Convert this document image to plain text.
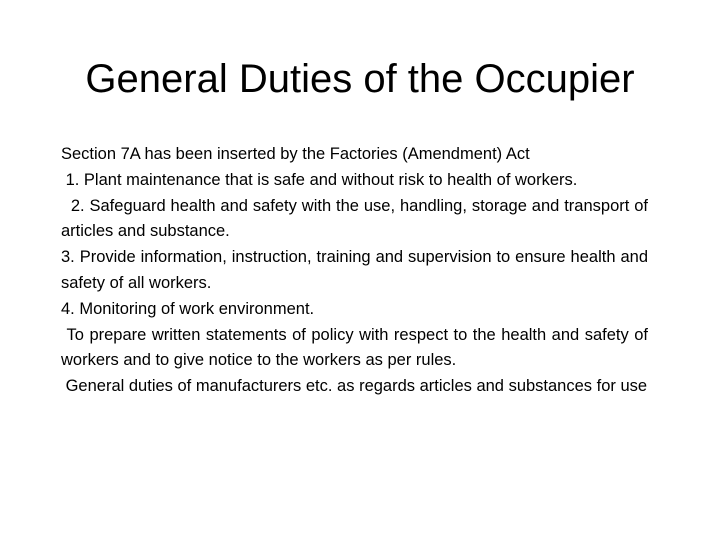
General Duties of the Occupier

Section 7A has been inserted by the Factories (Amendment) Act

1. Plant maintenance that is safe and without risk to health of workers.

2. Safeguard health and safety with the use, handling, storage and transport of articles and substance.

3. Provide information, instruction, training and supervision to ensure health and safety of all workers.

4. Monitoring of work environment.

To prepare written statements of policy with respect to the health and safety of workers and to give notice to the workers as per rules.

General duties of manufacturers etc. as regards articles and substances for use
